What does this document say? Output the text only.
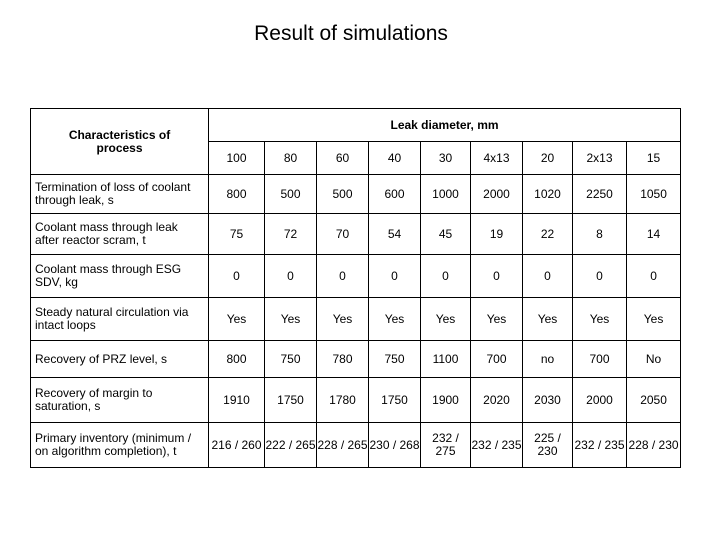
Result of simulations
Characteristics of process	Leak diameter, mm								
	100	80	60	40	30	4x13	20	2x13	15
Termination of loss of coolant through leak, s	800	500	500	600	1000	2000	1020	2250	1050
Coolant mass through leak after reactor scram, t	75	72	70	54	45	19	22	8	14
Coolant mass through ESG SDV, kg	0	0	0	0	0	0	0	0	0
Steady natural circulation via intact loops	Yes	Yes	Yes	Yes	Yes	Yes	Yes	Yes	Yes
Recovery of PRZ level, s	800	750	780	750	1100	700	no	700	No
Recovery of margin to saturation, s	1910	1750	1780	1750	1900	2020	2030	2000	2050
Primary inventory (minimum / on algorithm completion), t	216 / 260	222 / 265	228 / 265	230 / 268	232 / 275	232 / 235	225 / 230	232 / 235	228 / 230
